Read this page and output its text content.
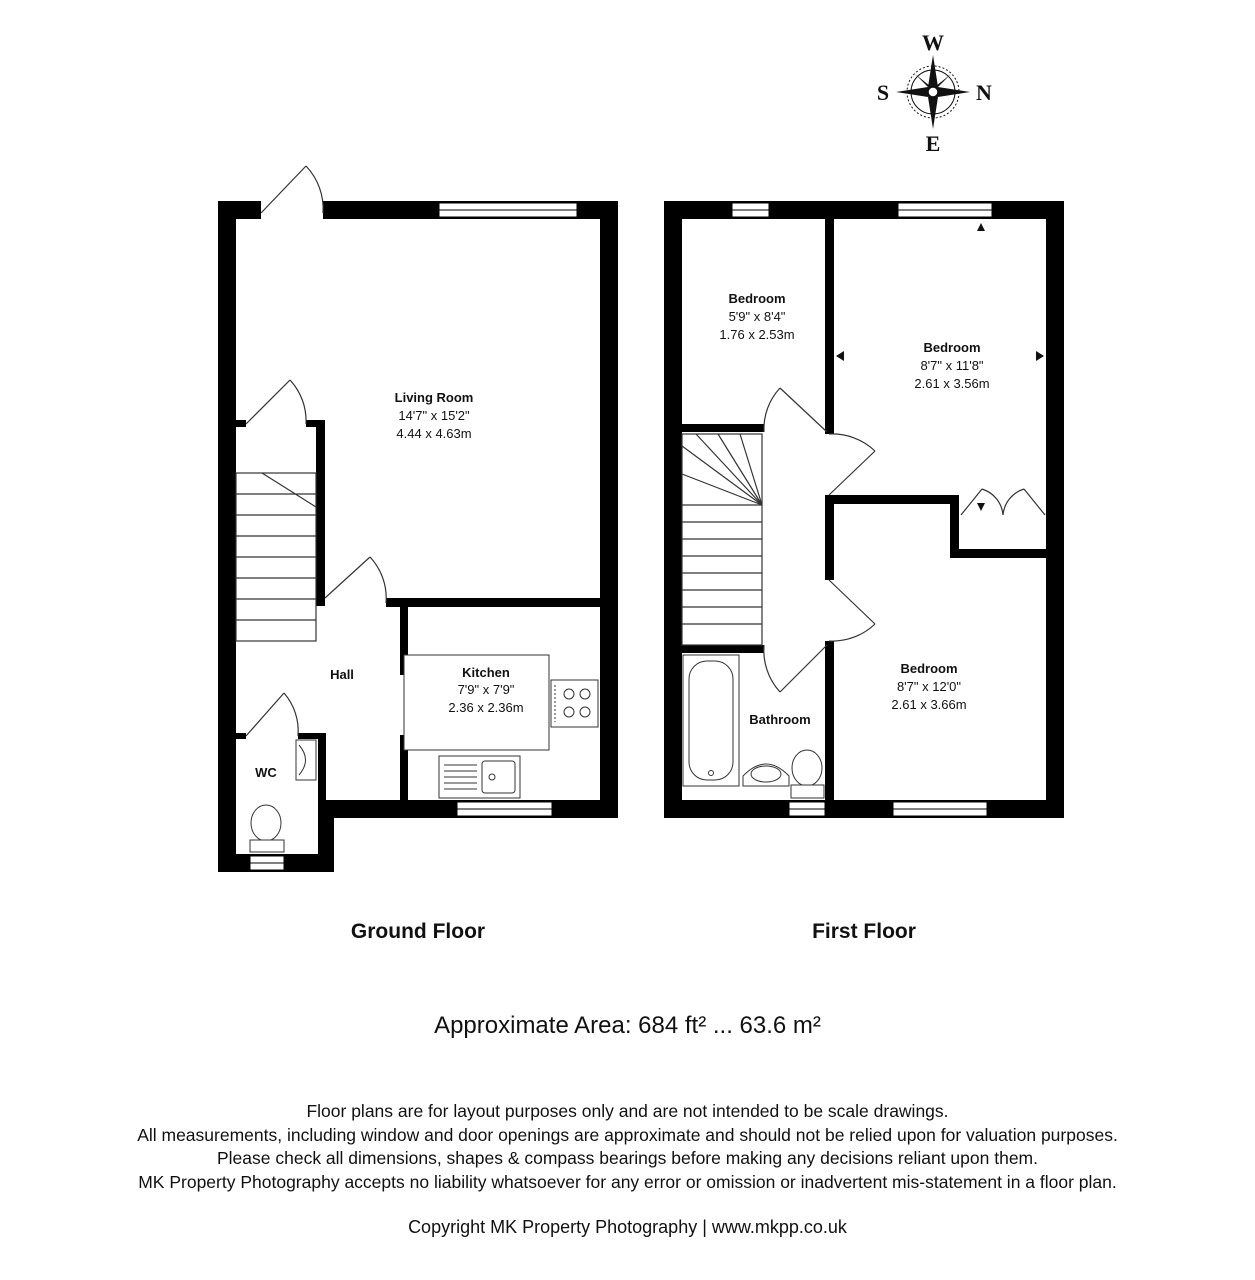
W
E
S	N
Living Room
14'7" x 15'2"
4.44 x 4.63m
Kitchen
7'9" x 7'9"
2.36 x 2.36m
Hall
WC
Bedroom
5'9" x 8'4"
1.76 x 2.53m
Bedroom
8'7" x 11'8"
2.61 x 3.56m
Bedroom
8'7" x 12'0"
2.61 x 3.66m
Bathroom
Ground Floor	First Floor
Approximate Area: 684 ft² ... 63.6 m²
Floor plans are for layout purposes only and are not intended to be scale drawings.
All measurements, including window and door openings are approximate and should not be relied upon for valuation purposes.
Please check all dimensions, shapes & compass bearings before making any decisions reliant upon them.
MK Property Photography accepts no liability whatsoever for any error or omission or inadvertent mis-statement in a floor plan.
Copyright MK Property Photography | www.mkpp.co.uk
